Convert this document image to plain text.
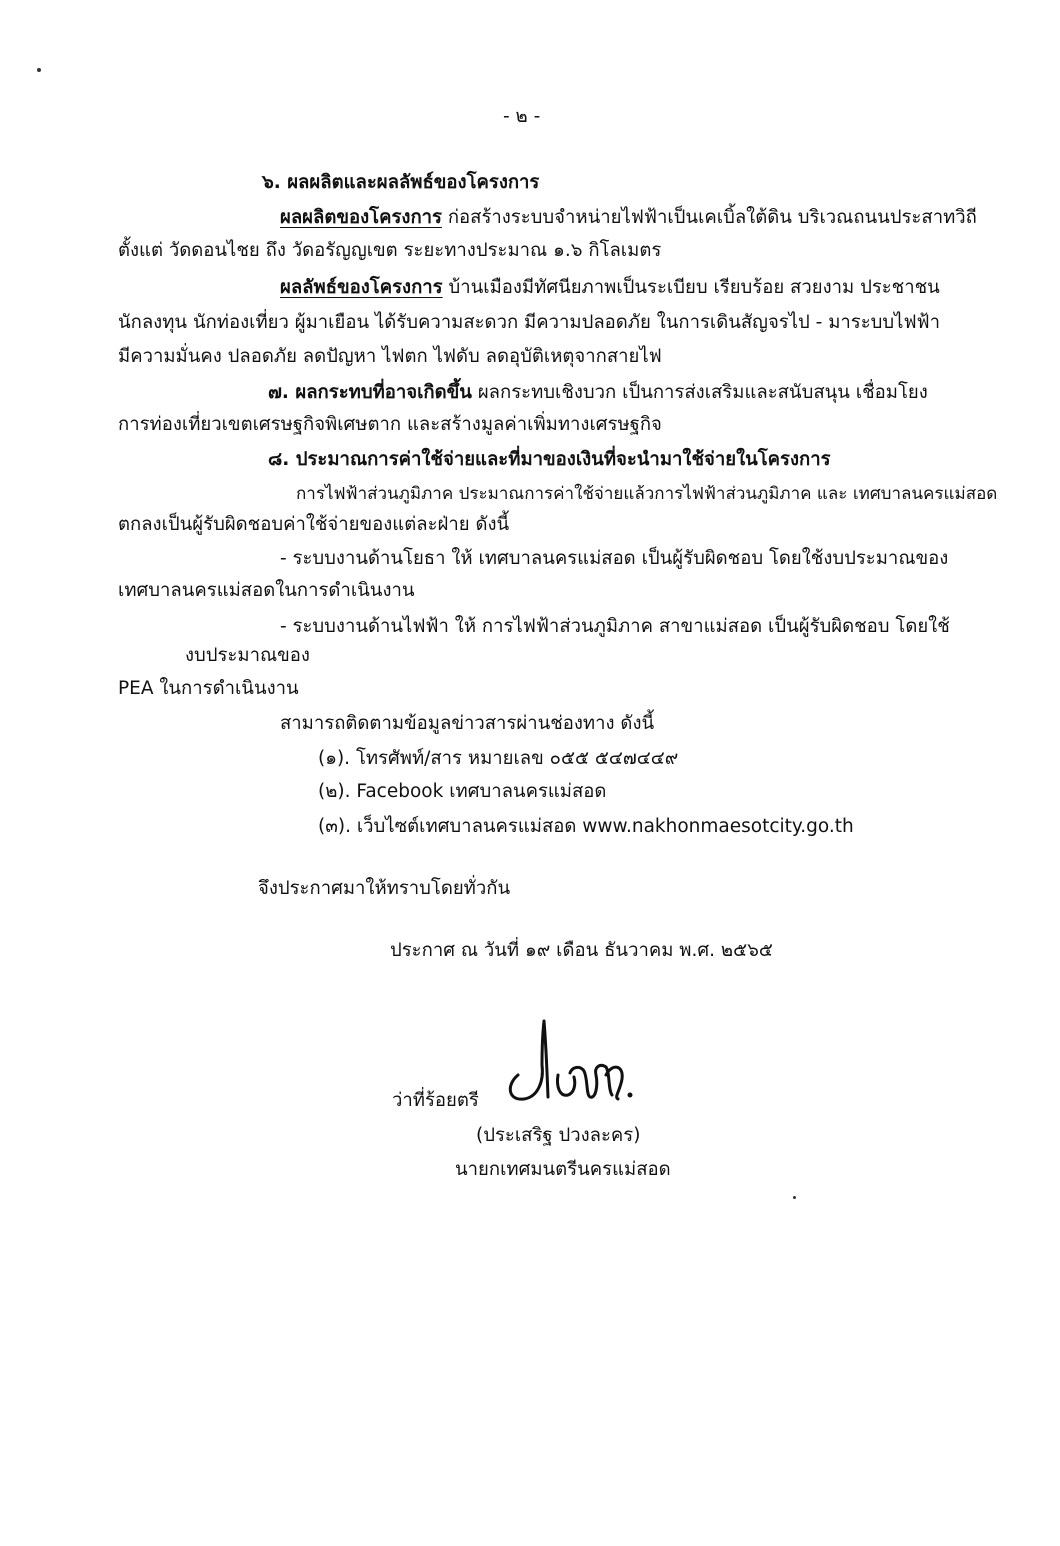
- ๒ -
๖. ผลผลิตและผลลัพธ์ของโครงการ
ผลผลิตของโครงการ ก่อสร้างระบบจำหน่ายไฟฟ้าเป็นเคเบิ้ลใต้ดิน บริเวณถนนประสาทวิถี
ตั้งแต่ วัดดอนไชย ถึง วัดอรัญญเขต ระยะทางประมาณ ๑.๖ กิโลเมตร
ผลลัพธ์ของโครงการ บ้านเมืองมีทัศนียภาพเป็นระเบียบ เรียบร้อย สวยงาม ประชาชน
นักลงทุน นักท่องเที่ยว ผู้มาเยือน ได้รับความสะดวก มีความปลอดภัย ในการเดินสัญจรไป - มาระบบไฟฟ้า
มีความมั่นคง ปลอดภัย ลดปัญหา ไฟตก ไฟดับ ลดอุบัติเหตุจากสายไฟ
๗. ผลกระทบที่อาจเกิดขึ้น ผลกระทบเชิงบวก เป็นการส่งเสริมและสนับสนุน เชื่อมโยง
การท่องเที่ยวเขตเศรษฐกิจพิเศษตาก และสร้างมูลค่าเพิ่มทางเศรษฐกิจ
๘. ประมาณการค่าใช้จ่ายและที่มาของเงินที่จะนำมาใช้จ่ายในโครงการ
การไฟฟ้าส่วนภูมิภาค ประมาณการค่าใช้จ่ายแล้วการไฟฟ้าส่วนภูมิภาค และ เทศบาลนครแม่สอด
ตกลงเป็นผู้รับผิดชอบค่าใช้จ่ายของแต่ละฝ่าย ดังนี้
- ระบบงานด้านโยธา ให้ เทศบาลนครแม่สอด เป็นผู้รับผิดชอบ โดยใช้งบประมาณของ
เทศบาลนครแม่สอดในการดำเนินงาน
- ระบบงานด้านไฟฟ้า ให้ การไฟฟ้าส่วนภูมิภาค สาขาแม่สอด เป็นผู้รับผิดชอบ โดยใช้
งบประมาณของ
PEA ในการดำเนินงาน
สามารถติดตามข้อมูลข่าวสารผ่านช่องทาง ดังนี้
(๑). โทรศัพท์/สาร หมายเลข ๐๕๕ ๕๔๗๔๔๙
(๒). Facebook เทศบาลนครแม่สอด
(๓). เว็บไซต์เทศบาลนครแม่สอด www.nakhonmaesotcity.go.th
จึงประกาศมาให้ทราบโดยทั่วกัน
ประกาศ ณ วันที่ ๑๙ เดือน ธันวาคม พ.ศ. ๒๕๖๕
ว่าที่ร้อยตรี
(ประเสริฐ ปวงละคร)
นายกเทศมนตรีนครแม่สอด
